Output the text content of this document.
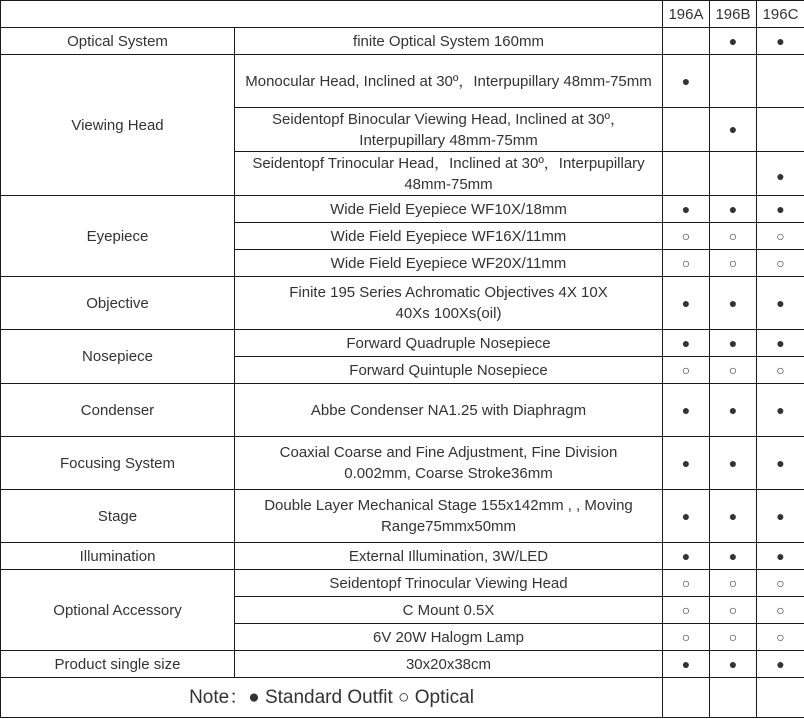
		196A	196B	196C
Optical System	finite Optical System 160mm		●	●
Viewing Head	Monocular Head, Inclined at 30º，Interpupillary 48mm-75mm	●		
	Seidentopf Binocular Viewing Head, Inclined at 30º，Interpupillary 48mm-75mm		●	
	Seidentopf Trinocular Head，Inclined at 30º，Interpupillary 48mm-75mm			●
Eyepiece	Wide Field Eyepiece WF10X/18mm	●	●	●
	Wide Field Eyepiece WF16X/11mm	○	○	○
	Wide Field Eyepiece WF20X/11mm	○	○	○
Objective	Finite 195 Series Achromatic Objectives 4X 10X 40Xs 100Xs(oil)	●	●	●
Nosepiece	Forward Quadruple Nosepiece	●	●	●
	Forward Quintuple Nosepiece	○	○	○
Condenser	Abbe Condenser NA1.25 with Diaphragm	●	●	●
Focusing System	Coaxial Coarse and Fine Adjustment, Fine Division 0.002mm, Coarse Stroke36mm	●	●	●
Stage	Double Layer Mechanical Stage 155x142mm , , Moving Range75mmx50mm	●	●	●
Illumination	External Illumination, 3W/LED	●	●	●
Optional Accessory	Seidentopf Trinocular Viewing Head	○	○	○
	C Mount 0.5X	○	○	○
	6V 20W Halogm Lamp	○	○	○
Product single size	30x20x38cm	●	●	●
Note：● Standard Outfit ○ Optical				
